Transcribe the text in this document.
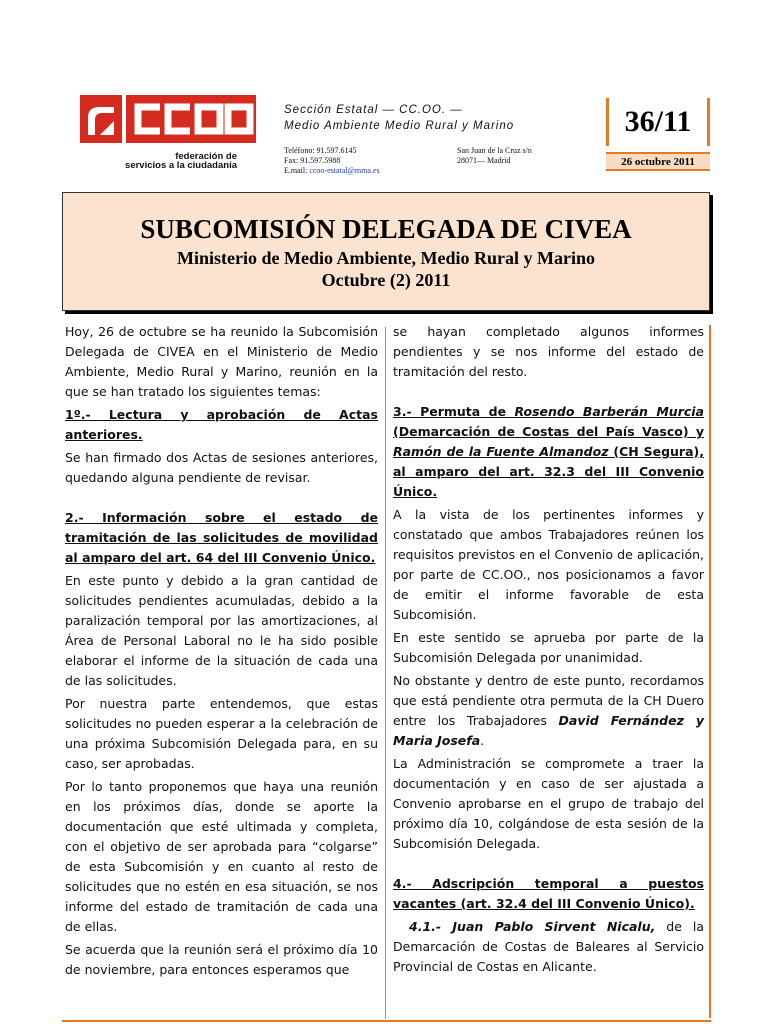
federación de
servicios a la ciudadanía
Sección Estatal — CC.OO. —
Medio Ambiente Medio Rural y Marino
Teléfono: 91.597.6145
Fax: 91.597.5988
E.mail: ccoo-estatal@mma.es
San Juan de la Cruz s/n
28071— Madrid
36/11
26 octubre 2011
SUBCOMISIÓN DELEGADA DE CIVEA
Ministerio de Medio Ambiente, Medio Rural y Marino
Octubre (2) 2011

Hoy, 26 de octubre se ha reunido la Subcomisión Delegada de CIVEA en el Ministerio de Medio Ambiente, Medio Rural y Marino, reunión en la que se han tratado los siguientes temas:

1º.- Lectura y aprobación de Actas anteriores.

Se han firmado dos Actas de sesiones anteriores, quedando alguna pendiente de revisar.

2.- Información sobre el estado de tramitación de las solicitudes de movilidad al amparo del art. 64 del III Convenio Único.

En este punto y debido a la gran cantidad de solicitudes pendientes acumuladas, debido a la paralización temporal por las amortizaciones, al Área de Personal Laboral no le ha sido posible elaborar el informe de la situación de cada una de las solicitudes.

Por nuestra parte entendemos, que estas solicitudes no pueden esperar a la celebración de una próxima Subcomisión Delegada para, en su caso, ser aprobadas.

Por lo tanto proponemos que haya una reunión en los próximos días, donde se aporte la documentación que esté ultimada y completa, con el objetivo de ser aprobada para “colgarse” de esta Subcomisión y en cuanto al resto de solicitudes que no estén en esa situación, se nos informe del estado de tramitación de cada una de ellas.

Se acuerda que la reunión será el próximo día 10 de noviembre, para entonces esperamos que

se hayan completado algunos informes pendientes y se nos informe del estado de tramitación del resto.

3.- Permuta de Rosendo Barberán Murcia (Demarcación de Costas del País Vasco) y Ramón de la Fuente Almandoz (CH Segura), al amparo del art. 32.3 del III Convenio Único.

A la vista de los pertinentes informes y constatado que ambos Trabajadores reúnen los requisitos previstos en el Convenio de aplicación, por parte de CC.OO., nos posicionamos a favor de emitir el informe favorable de esta Subcomisión.

En este sentido se aprueba por parte de la Subcomisión Delegada por unanimidad.

No obstante y dentro de este punto, recordamos que está pendiente otra permuta de la CH Duero entre los Trabajadores David Fernández y Maria Josefa.

La Administración se compromete a traer la documentación y en caso de ser ajustada a Convenio aprobarse en el grupo de trabajo del próximo día 10, colgándose de esta sesión de la Subcomisión Delegada.

4.- Adscripción temporal a puestos vacantes (art. 32.4 del III Convenio Único).

4.1.- Juan Pablo Sirvent Nicalu, de la Demarcación de Costas de Baleares al Servicio Provincial de Costas en Alicante.
